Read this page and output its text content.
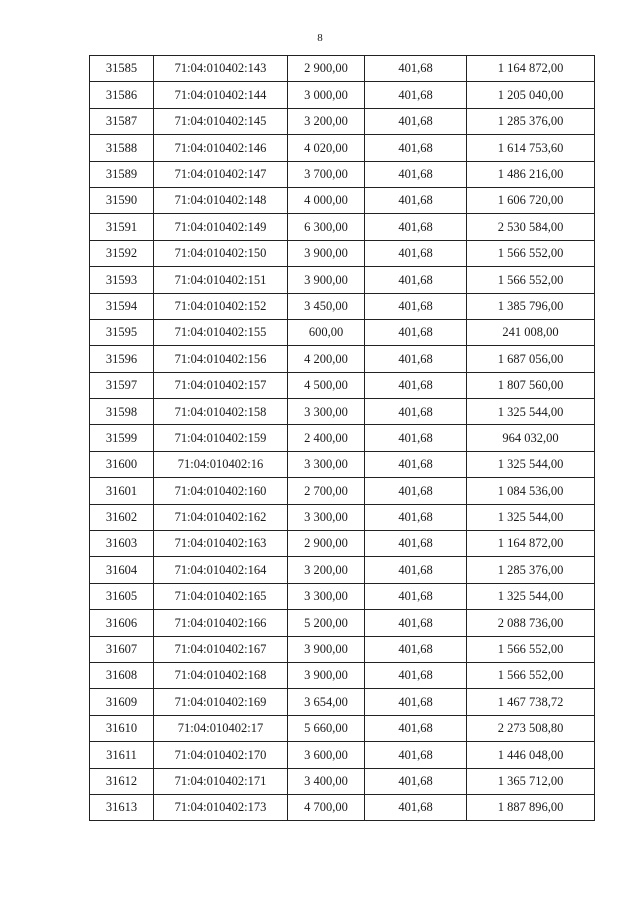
8
31585	71:04:010402:143	2 900,00	401,68	1 164 872,00
31586	71:04:010402:144	3 000,00	401,68	1 205 040,00
31587	71:04:010402:145	3 200,00	401,68	1 285 376,00
31588	71:04:010402:146	4 020,00	401,68	1 614 753,60
31589	71:04:010402:147	3 700,00	401,68	1 486 216,00
31590	71:04:010402:148	4 000,00	401,68	1 606 720,00
31591	71:04:010402:149	6 300,00	401,68	2 530 584,00
31592	71:04:010402:150	3 900,00	401,68	1 566 552,00
31593	71:04:010402:151	3 900,00	401,68	1 566 552,00
31594	71:04:010402:152	3 450,00	401,68	1 385 796,00
31595	71:04:010402:155	600,00	401,68	241 008,00
31596	71:04:010402:156	4 200,00	401,68	1 687 056,00
31597	71:04:010402:157	4 500,00	401,68	1 807 560,00
31598	71:04:010402:158	3 300,00	401,68	1 325 544,00
31599	71:04:010402:159	2 400,00	401,68	964 032,00
31600	71:04:010402:16	3 300,00	401,68	1 325 544,00
31601	71:04:010402:160	2 700,00	401,68	1 084 536,00
31602	71:04:010402:162	3 300,00	401,68	1 325 544,00
31603	71:04:010402:163	2 900,00	401,68	1 164 872,00
31604	71:04:010402:164	3 200,00	401,68	1 285 376,00
31605	71:04:010402:165	3 300,00	401,68	1 325 544,00
31606	71:04:010402:166	5 200,00	401,68	2 088 736,00
31607	71:04:010402:167	3 900,00	401,68	1 566 552,00
31608	71:04:010402:168	3 900,00	401,68	1 566 552,00
31609	71:04:010402:169	3 654,00	401,68	1 467 738,72
31610	71:04:010402:17	5 660,00	401,68	2 273 508,80
31611	71:04:010402:170	3 600,00	401,68	1 446 048,00
31612	71:04:010402:171	3 400,00	401,68	1 365 712,00
31613	71:04:010402:173	4 700,00	401,68	1 887 896,00
